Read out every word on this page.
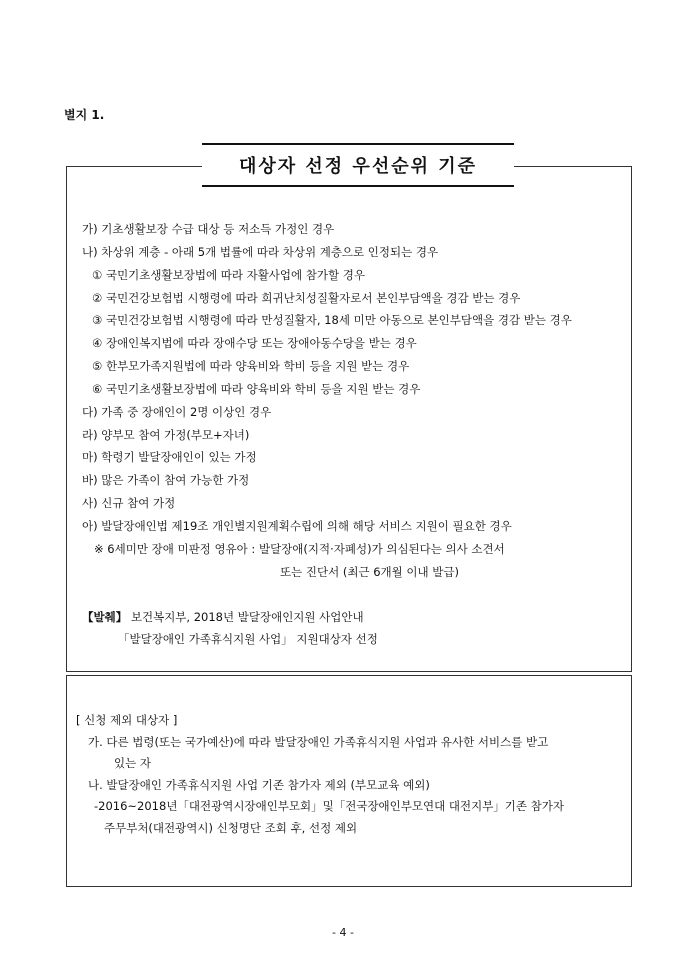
별지 1.
대상자 선정 우선순위 기준
가) 기초생활보장 수급 대상 등 저소득 가정인 경우
나) 차상위 계층 - 아래 5개 법률에 따라 차상위 계층으로 인정되는 경우
① 국민기초생활보장법에 따라 자활사업에 참가할 경우
② 국민건강보험법 시행령에 따라 희귀난치성질활자로서 본인부담액을 경감 받는 경우
③ 국민건강보험법 시행령에 따라 만성질활자, 18세 미만 아동으로 본인부담액을 경감 받는 경우
④ 장애인복지법에 따라 장애수당 또는 장애아동수당을 받는 경우
⑤ 한부모가족지원법에 따라 양육비와 학비 등을 지원 받는 경우
⑥ 국민기초생활보장법에 따라 양육비와 학비 등을 지원 받는 경우
다) 가족 중 장애인이 2명 이상인 경우
라) 양부모 참여 가정(부모+자녀)
마) 학령기 발달장애인이 있는 가정
바) 많은 가족이 참여 가능한 가정
사) 신규 참여 가정
아) 발달장애인법 제19조 개인별지원계획수립에 의해 해당 서비스 지원이 필요한 경우
※ 6세미만 장애 미판정 영유아 : 발달장애(지적·자폐성)가 의심된다는 의사 소견서
또는 진단서 (최근 6개월 이내 발급)
【발췌】 보건복지부, 2018년 발달장애인지원 사업안내
「발달장애인 가족휴식지원 사업」 지원대상자 선정
[ 신청 제외 대상자 ]
가. 다른 법령(또는 국가예산)에 따라 발달장애인 가족휴식지원 사업과 유사한 서비스를 받고
있는 자
나. 발달장애인 가족휴식지원 사업 기존 참가자 제외 (부모교육 예외)
-2016~2018년「대전광역시장애인부모회」및「전국장애인부모연대 대전지부」기존 참가자
주무부처(대전광역시) 신청명단 조회 후, 선정 제외
- 4 -
